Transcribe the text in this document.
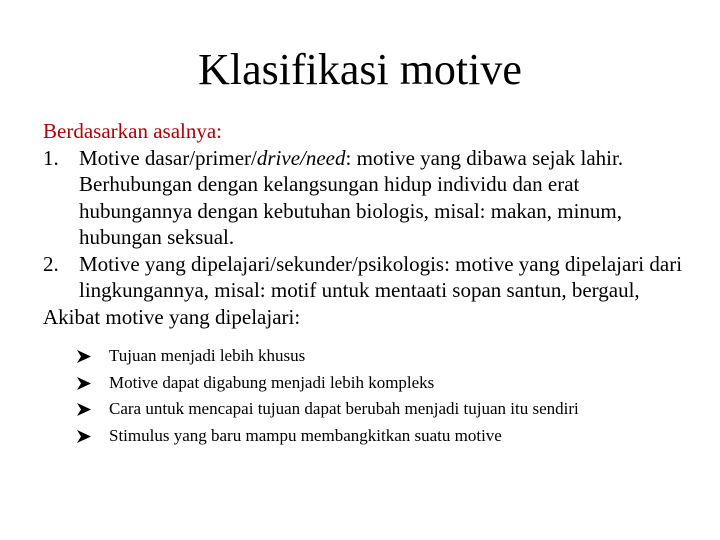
Klasifikasi motive
Berdasarkan asalnya:
1. Motive dasar/primer/drive/need: motive yang dibawa sejak lahir. Berhubungan dengan kelangsungan hidup individu dan erat hubungannya dengan kebutuhan biologis, misal: makan, minum, hubungan seksual.
2. Motive yang dipelajari/sekunder/psikologis: motive yang dipelajari dari lingkungannya, misal: motif untuk mentaati sopan santun, bergaul,
Akibat motive yang dipelajari:
Tujuan menjadi lebih khusus
Motive dapat digabung menjadi lebih kompleks
Cara untuk mencapai tujuan dapat berubah menjadi tujuan itu sendiri
Stimulus yang baru mampu membangkitkan suatu motive
